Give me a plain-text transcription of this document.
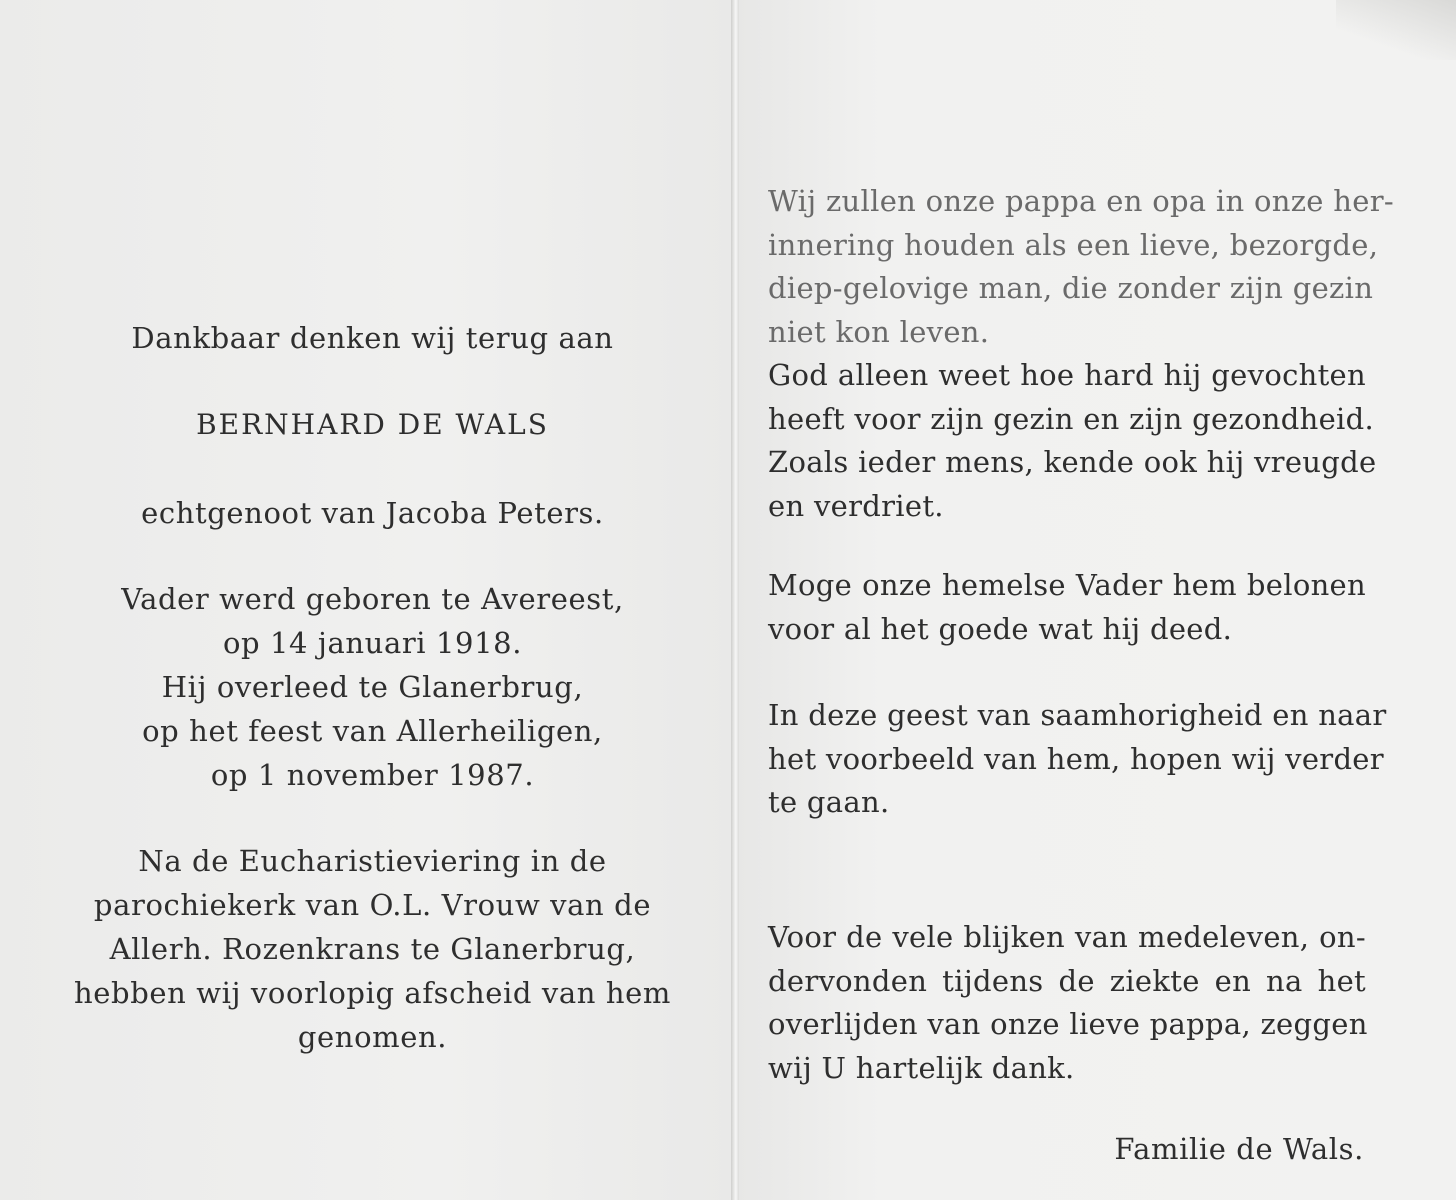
Dankbaar denken wij terug aan
BERNHARD DE WALS
echtgenoot van Jacoba Peters.
Vader werd geboren te Avereest,
op 14 januari 1918.
Hij overleed te Glanerbrug,
op het feest van Allerheiligen,
op 1 november 1987.
Na de Eucharistieviering in de
parochiekerk van O.L. Vrouw van de
Allerh. Rozenkrans te Glanerbrug,
hebben wij voorlopig afscheid van hem
genomen.
Wij zullen onze pappa en opa in onze her-
innering houden als een lieve, bezorgde,
diep-gelovige man, die zonder zijn gezin
niet kon leven.
God alleen weet hoe hard hij gevochten
heeft voor zijn gezin en zijn gezondheid.
Zoals ieder mens, kende ook hij vreugde
en verdriet.
Moge onze hemelse Vader hem belonen
voor al het goede wat hij deed.
In deze geest van saamhorigheid en naar
het voorbeeld van hem, hopen wij verder
te gaan.
Voor de vele blijken van medeleven, on-
dervonden tijdens de ziekte en na het
overlijden van onze lieve pappa, zeggen
wij U hartelijk dank.
Familie de Wals.
